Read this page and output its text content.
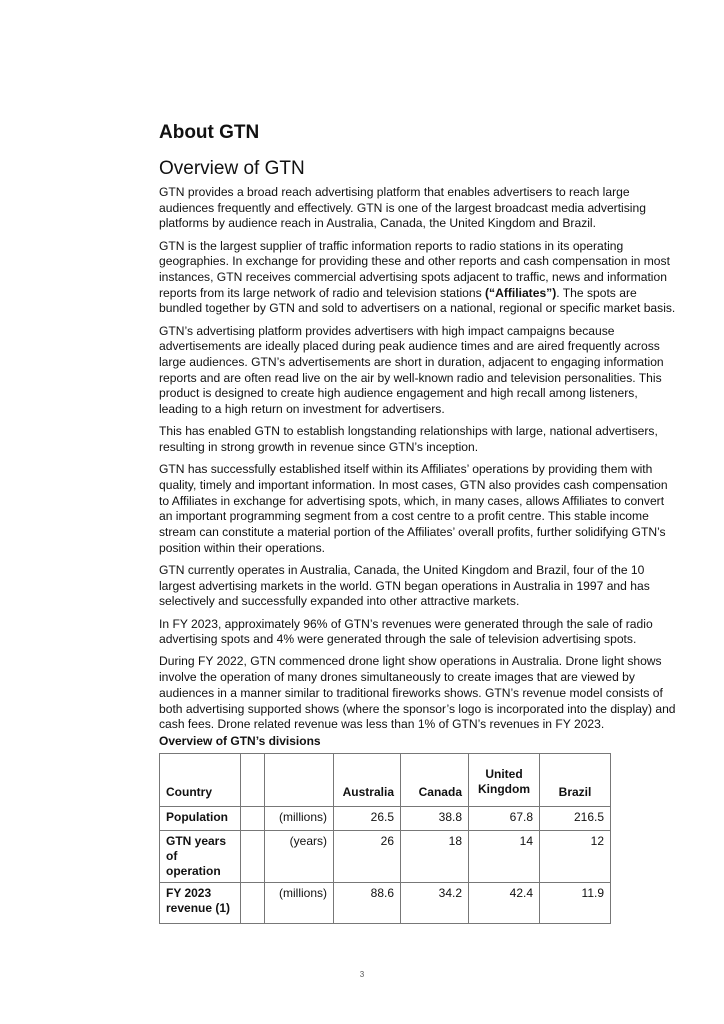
About GTN
Overview of GTN
GTN provides a broad reach advertising platform that enables advertisers to reach large
audiences frequently and effectively. GTN is one of the largest broadcast media advertising
platforms by audience reach in Australia, Canada, the United Kingdom and Brazil.
GTN is the largest supplier of traffic information reports to radio stations in its operating
geographies. In exchange for providing these and other reports and cash compensation in most
instances, GTN receives commercial advertising spots adjacent to traffic, news and information
reports from its large network of radio and television stations (“Affiliates”). The spots are
bundled together by GTN and sold to advertisers on a national, regional or specific market basis.
GTN’s advertising platform provides advertisers with high impact campaigns because
advertisements are ideally placed during peak audience times and are aired frequently across
large audiences. GTN’s advertisements are short in duration, adjacent to engaging information
reports and are often read live on the air by well-known radio and television personalities. This
product is designed to create high audience engagement and high recall among listeners,
leading to a high return on investment for advertisers.
This has enabled GTN to establish longstanding relationships with large, national advertisers,
resulting in strong growth in revenue since GTN’s inception.
GTN has successfully established itself within its Affiliates’ operations by providing them with
quality, timely and important information. In most cases, GTN also provides cash compensation
to Affiliates in exchange for advertising spots, which, in many cases, allows Affiliates to convert
an important programming segment from a cost centre to a profit centre. This stable income
stream can constitute a material portion of the Affiliates’ overall profits, further solidifying GTN’s
position within their operations.
GTN currently operates in Australia, Canada, the United Kingdom and Brazil, four of the 10
largest advertising markets in the world. GTN began operations in Australia in 1997 and has
selectively and successfully expanded into other attractive markets.
In FY 2023, approximately 96% of GTN’s revenues were generated through the sale of radio
advertising spots and 4% were generated through the sale of television advertising spots.
During FY 2022, GTN commenced drone light show operations in Australia. Drone light shows
involve the operation of many drones simultaneously to create images that are viewed by
audiences in a manner similar to traditional fireworks shows. GTN’s revenue model consists of
both advertising supported shows (where the sponsor’s logo is incorporated into the display) and
cash fees. Drone related revenue was less than 1% of GTN’s revenues in FY 2023.
Overview of GTN’s divisions
Country			Australia	Canada	United Kingdom	Brazil
Population		(millions)	26.5	38.8	67.8	216.5
GTN years of operation		(years)	26	18	14	12
FY 2023 revenue (1)		(millions)	88.6	34.2	42.4	11.9
3
